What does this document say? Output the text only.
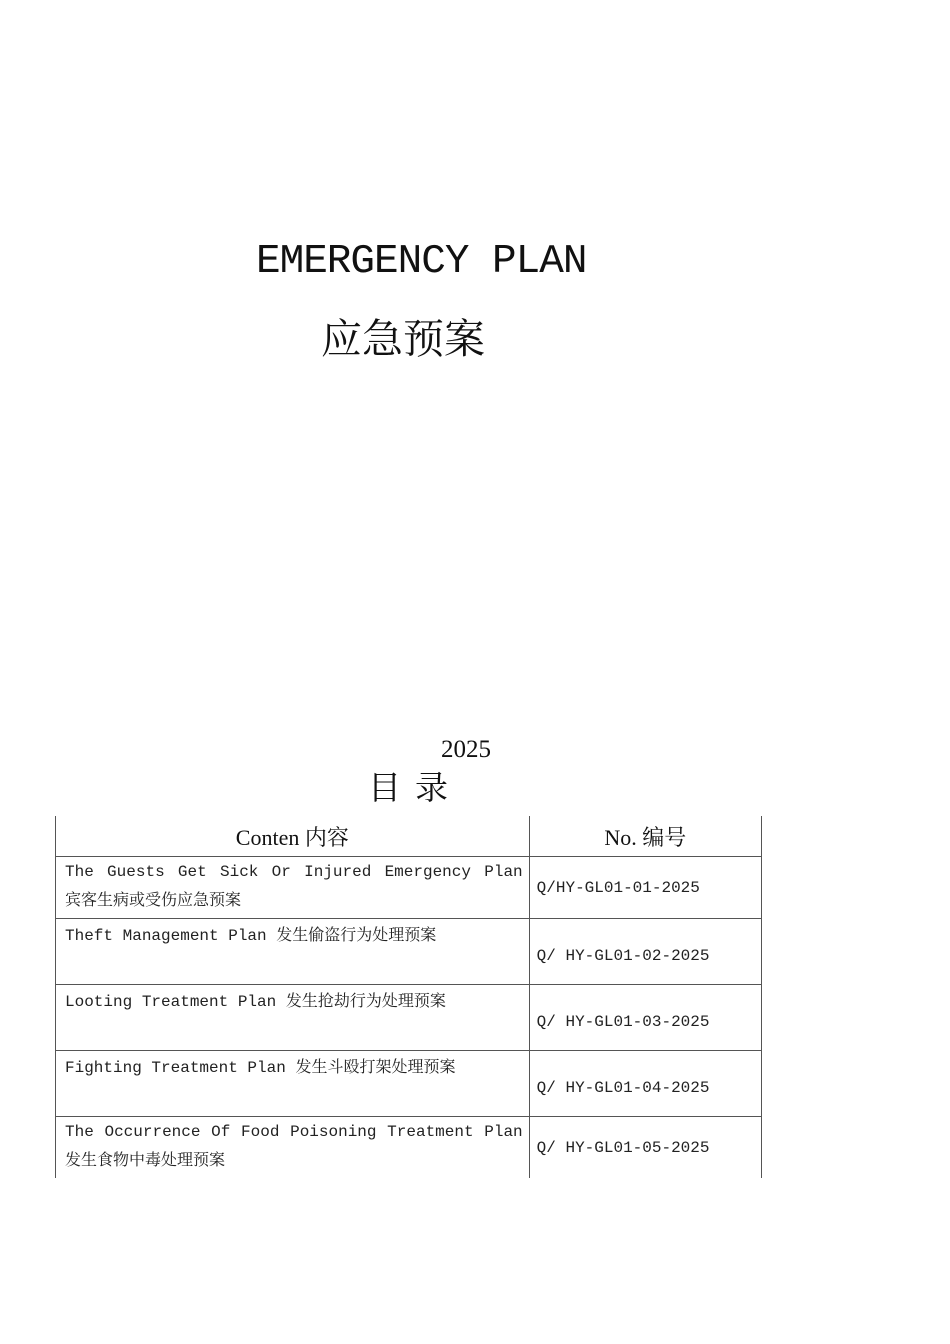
EMERGENCY PLAN
应急预案
2025
目录
Conten 内容	No. 编号
The Guests Get Sick Or Injured Emergency Plan 宾客生病或受伤应急预案	Q/HY-GL01-01-2025
Theft Management Plan 发生偷盗行为处理预案	Q/ HY-GL01-02-2025
Looting Treatment Plan 发生抢劫行为处理预案	Q/ HY-GL01-03-2025
Fighting Treatment Plan 发生斗殴打架处理预案	Q/ HY-GL01-04-2025
The Occurrence Of Food Poisoning Treatment Plan 发生食物中毒处理预案	Q/ HY-GL01-05-2025
